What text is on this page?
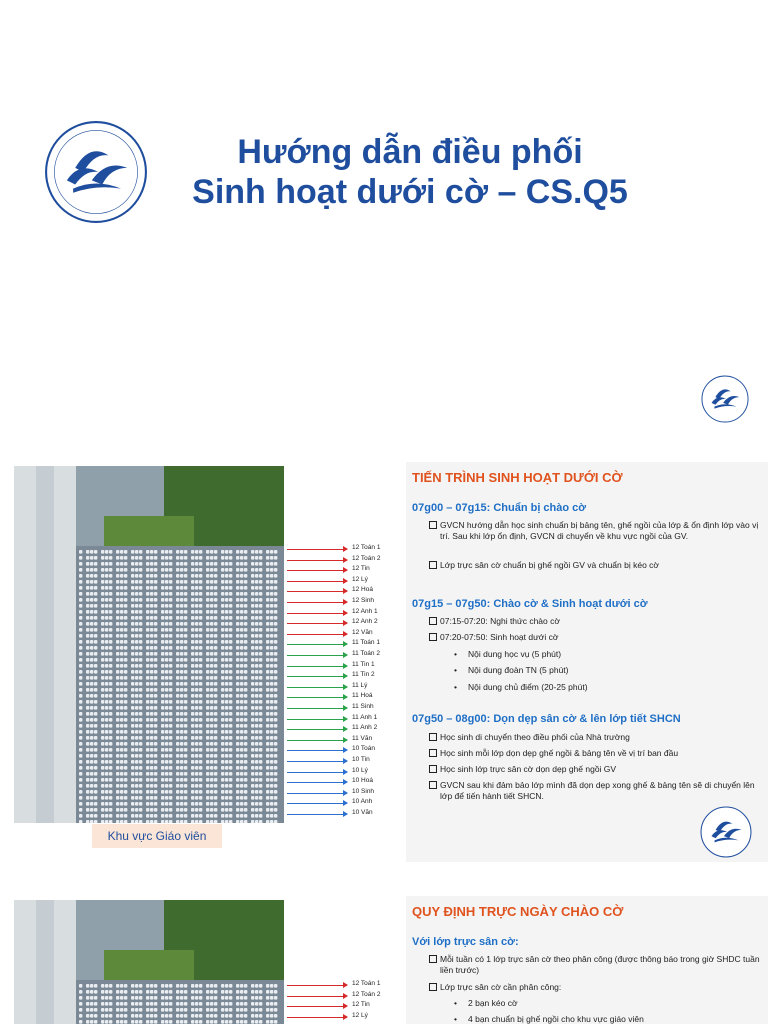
Hướng dẫn điều phối
Sinh hoạt dưới cờ – CS.Q5
12 Toán 1
12 Toán 2
12 Tin
12 Lý
12 Hoá
12 Sinh
12 Anh 1
12 Anh 2
12 Văn
11 Toán 1
11 Toán 2
11 Tin 1
11 Tin 2
11 Lý
11 Hoá
11 Sinh
11 Anh 1
11 Anh 2
11 Văn
10 Toán
10 Tin
10 Lý
10 Hoá
10 Sinh
10 Anh
10 Văn
Khu vực Giáo viên
TIẾN TRÌNH SINH HOẠT DƯỚI CỜ
07g00 – 07g15: Chuẩn bị chào cờ
GVCN hướng dẫn học sinh chuẩn bị bảng tên, ghế ngồi của lớp & ổn định lớp vào vị trí. Sau khi lớp ổn định, GVCN di chuyển về khu vực ngồi của GV.
Lớp trực sân cờ chuẩn bị ghế ngồi GV và chuẩn bị kéo cờ
07g15 – 07g50: Chào cờ & Sinh hoạt dưới cờ
07:15-07:20: Nghi thức chào cờ
07:20-07:50: Sinh hoạt dưới cờ
• Nội dung học vụ (5 phút)
• Nội dung đoàn TN (5 phút)
• Nội dung chủ điểm (20-25 phút)
07g50 – 08g00: Dọn dẹp sân cờ & lên lớp tiết SHCN
Học sinh di chuyển theo điều phối của Nhà trường
Học sinh mỗi lớp dọn dẹp ghế ngồi & bảng tên về vị trí ban đầu
Học sinh lớp trực sân cờ dọn dẹp ghế ngồi GV
GVCN sau khi đảm bảo lớp mình đã dọn dẹp xong ghế & bảng tên sẽ di chuyển lên lớp để tiến hành tiết SHCN.
12 Toán 1
12 Toán 2
12 Tin
12 Lý
QUY ĐỊNH TRỰC NGÀY CHÀO CỜ
Với lớp trực sân cờ:
Mỗi tuần có 1 lớp trực sân cờ theo phân công (được thông báo trong giờ SHDC tuần liền trước)
Lớp trực sân cờ cần phân công:
• 2 bạn kéo cờ
• 4 bạn chuẩn bị ghế ngồi cho khu vực giáo viên
